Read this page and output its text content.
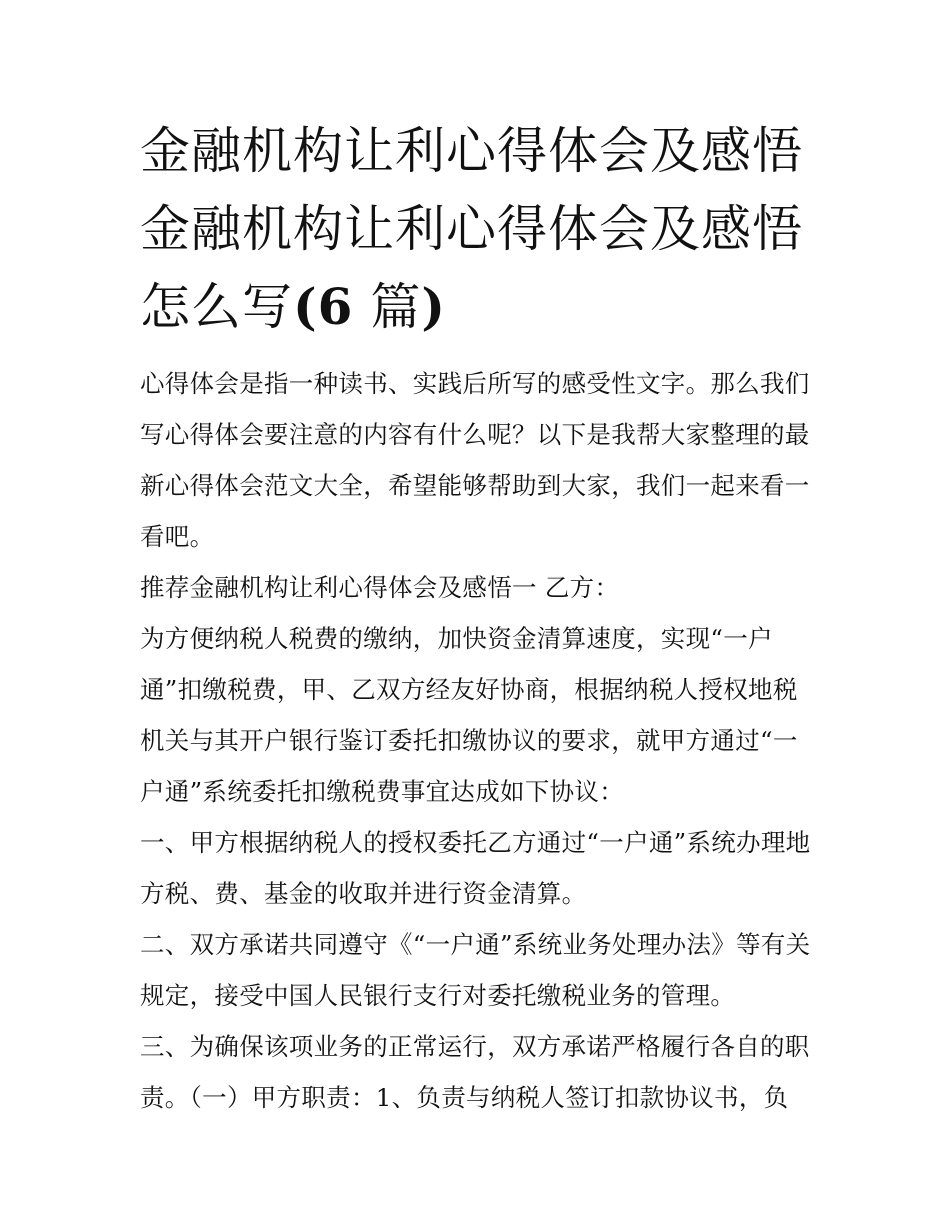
金融机构让利心得体会及感悟
金融机构让利心得体会及感悟
怎么写(6 篇)

心得体会是指一种读书、实践后所写的感受性文字。那么我们
写心得体会要注意的内容有什么呢？以下是我帮大家整理的最
新心得体会范文大全，希望能够帮助到大家，我们一起来看一
看吧。

推荐金融机构让利心得体会及感悟一 乙方：

为方便纳税人税费的缴纳，加快资金清算速度，实现“一户
通”扣缴税费，甲、乙双方经友好协商，根据纳税人授权地税
机关与其开户银行鉴订委托扣缴协议的要求，就甲方通过“一
户通”系统委托扣缴税费事宜达成如下协议：

一、甲方根据纳税人的授权委托乙方通过“一户通”系统办理地
方税、费、基金的收取并进行资金清算。

二、双方承诺共同遵守《“一户通”系统业务处理办法》等有关
规定，接受中国人民银行支行对委托缴税业务的管理。

三、为确保该项业务的正常运行，双方承诺严格履行各自的职
责。（一）甲方职责：1、负责与纳税人签订扣款协议书，负
